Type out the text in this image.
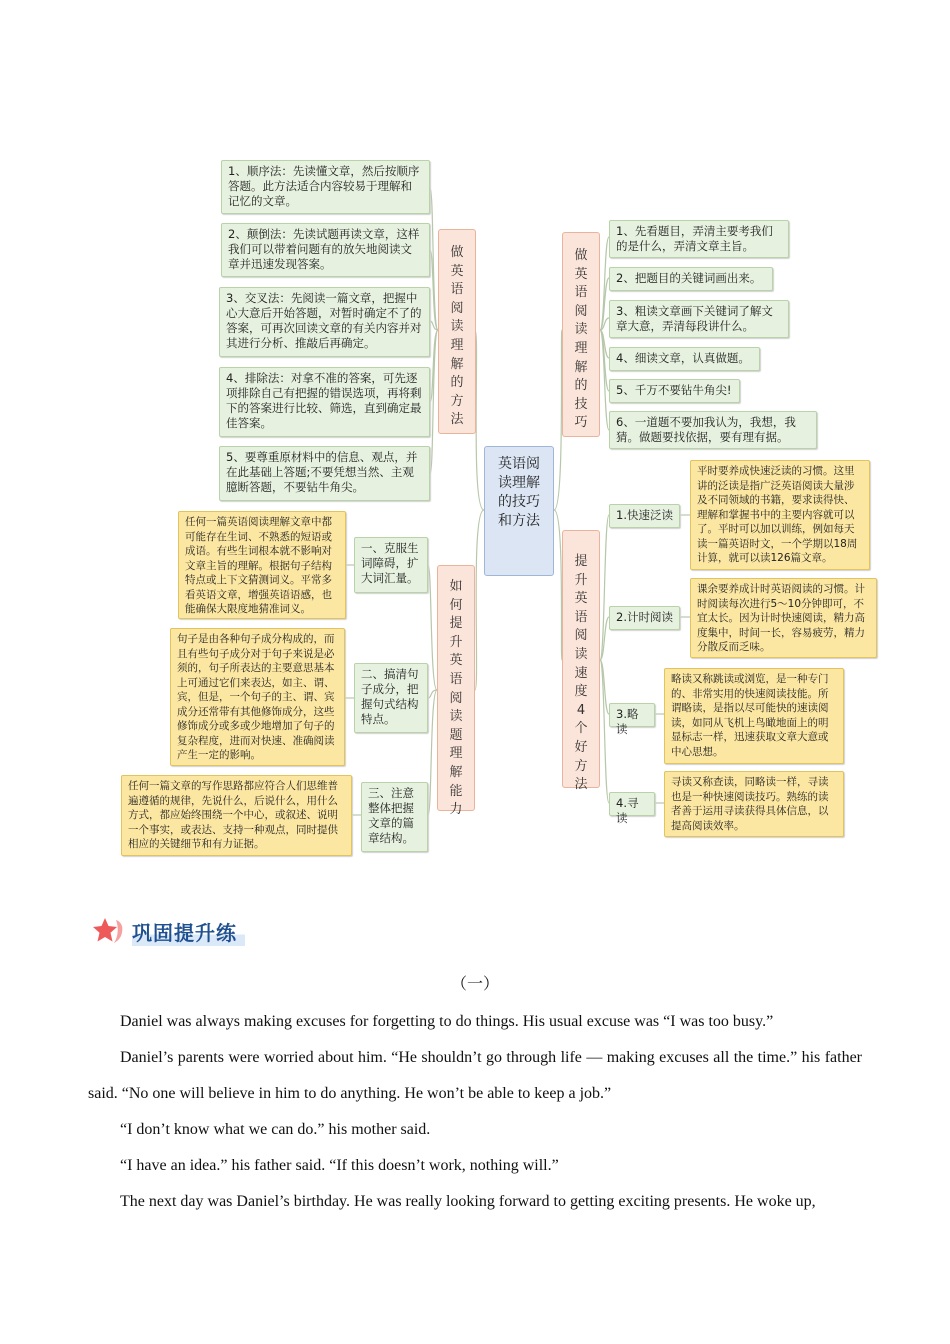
英语阅读理解的技巧和方法
做英语阅读理解的方法
1、顺序法：先读懂文章，然后按顺序答题。此方法适合内容较易于理解和记忆的文章。
2、颠倒法：先读试题再读文章，这样我们可以带着问题有的放矢地阅读文章并迅速发现答案。
3、交叉法：先阅读一篇文章，把握中心大意后开始答题，对暂时确定不了的答案，可再次回读文章的有关内容并对其进行分析、推敲后再确定。
4、排除法：对拿不准的答案，可先逐项排除自己有把握的错误选项，再将剩下的答案进行比较、筛选，直到确定最佳答案。
5、要尊重原材料中的信息、观点，并在此基础上答题;不要凭想当然、主观臆断答题，不要钻牛角尖。
如何提升英语阅读题理解能力
一、克服生词障碍，扩大词汇量。
任何一篇英语阅读理解文章中都可能存在生词、不熟悉的短语或成语。有些生词根本就不影响对文章主旨的理解。根据句子结构特点或上下文猜测词义。平常多看英语文章，增强英语语感，也能确保大限度地猜准词义。
二、搞清句子成分，把握句式结构特点。
句子是由各种句子成分构成的，而且有些句子成分对于句子来说是必须的，句子所表达的主要意思基本上可通过它们来表达，如主、谓、宾，但是，一个句子的主、谓、宾成分还常带有其他修饰成分，这些修饰成分或多或少地增加了句子的复杂程度，进而对快速、准确阅读产生一定的影响。
三、注意整体把握文章的篇章结构。
任何一篇文章的写作思路都应符合人们思维普遍遵循的规律，先说什么，后说什么，用什么方式，都应始终围绕一个中心，或叙述、说明一个事实，或表达、支持一种观点，同时提供相应的关键细节和有力证据。
做英语阅读理解的技巧
1、先看题目，弄清主要考我们的是什么，弄清文章主旨。
2、把题目的关键词画出来。
3、粗读文章画下关键词了解文章大意，弄清每段讲什么。
4、细读文章，认真做题。
5、千万不要钻牛角尖!
6、一道题不要加我认为，我想，我猜。做题要找依据，要有理有据。
提升英语阅读速度4个好方法
1.快速泛读
平时要养成快速泛读的习惯。这里讲的泛读是指广泛英语阅读大量涉及不同领域的书籍，要求读得快、理解和掌握书中的主要内容就可以了。平时可以加以训练，例如每天读一篇英语时文，一个学期以18周计算，就可以读126篇文章。
2.计时阅读
课余要养成计时英语阅读的习惯。计时阅读每次进行5～10分钟即可，不宜太长。因为计时快速阅读，精力高度集中，时间一长，容易疲劳，精力分散反而乏味。
3.略读
略读又称跳读或浏览，是一种专门的、非常实用的快速阅读技能。所谓略读，是指以尽可能快的速读阅读，如同从飞机上鸟瞰地面上的明显标志一样，迅速获取文章大意或中心思想。
4.寻读
寻读又称查读，同略读一样，寻读也是一种快速阅读技巧。熟练的读者善于运用寻读获得具体信息，以提高阅读效率。
巩固提升练
（一）

Daniel was always making excuses for forgetting to do things. His usual excuse was “I was too busy.”

Daniel’s parents were worried about him. “He shouldn’t go through life — making excuses all the time.” his father said. “No one will believe in him to do anything. He won’t be able to keep a job.”

“I don’t know what we can do.” his mother said.

“I have an idea.” his father said. “If this doesn’t work, nothing will.”

The next day was Daniel’s birthday. He was really looking forward to getting exciting presents. He woke up,
